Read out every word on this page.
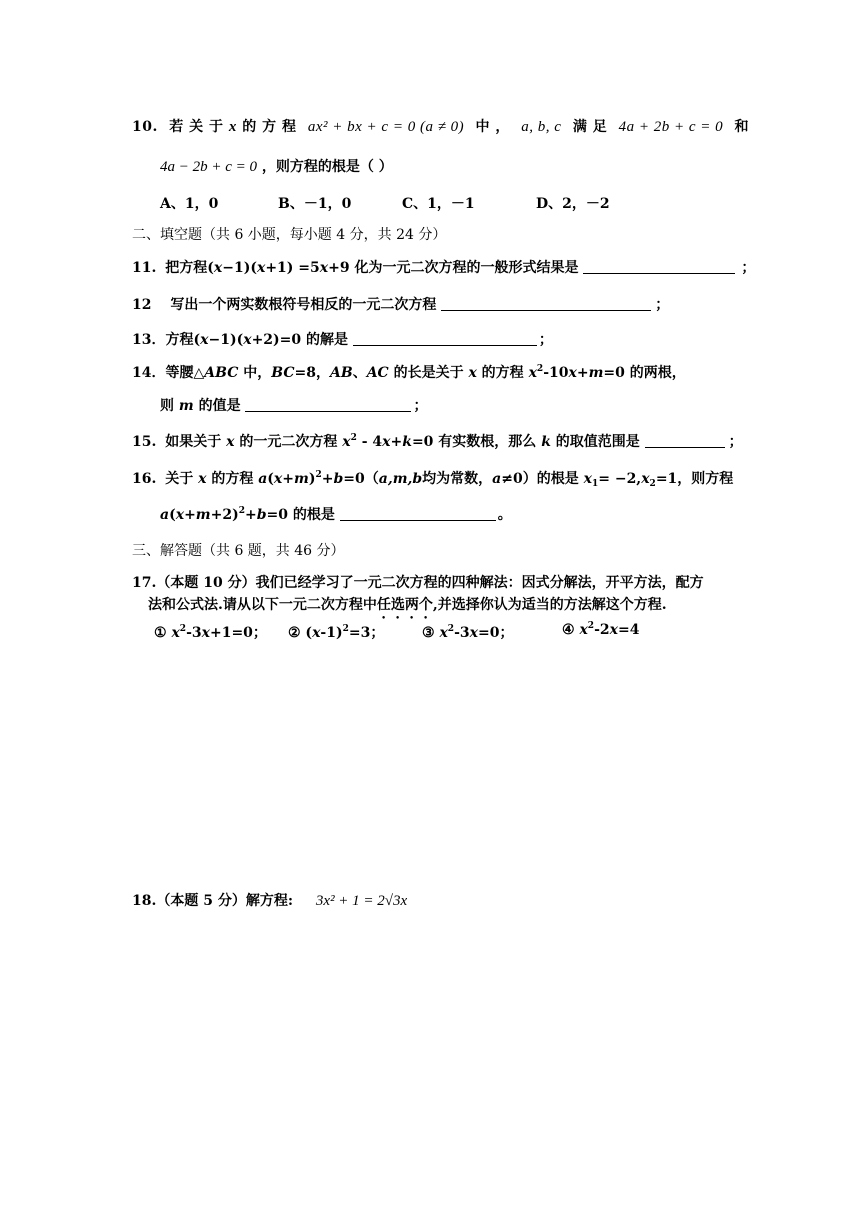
10. 若 关 于 x 的 方 程 ax² + bx + c = 0 (a ≠ 0) 中 ， a, b, c 满 足 4a + 2b + c = 0 和
4a − 2b + c = 0 ，则方程的根是（ ）
A、1，0	B、－1，0	C、1，－1	D、2，－2
二、填空题（共 6 小题，每小题 4 分，共 24 分）
11. 把方程(x−1)(x+1) =5x+9 化为一元二次方程的一般形式结果是	；
12 写出一个两实数根符号相反的一元二次方程	；
13．方程(x−1)(x+2)=0 的解是	；
14．等腰△ABC 中，BC=8，AB、AC 的长是关于 x 的方程 $x^2-10x+m=0$ 的两根，
则 m 的值是	；
15. 如果关于 x 的一元二次方程 $x^2 - 4x+k=0$ 有实数根，那么 k 的取值范围是	；
16. 关于 x 的方程 $a(x+m)^2+b=0(a,m,b$均为常数，a≠0）的根是 $x_1= -2,x_2=1$，则方程
$a(x+m+2)^2+b=0$ 的根是	。
三、解答题（共 6 题，共 46 分）
17.（本题 10 分）我们已经学习了一元二次方程的四种解法：因式分解法，开平方法，配方
法和公式法.请从以下一元二次方程中任选两个,并选择你认为适当的方法解这个方程.
① $x^2-3x+1=0$； ② $(x-1)^2=3$；	③ $x^2-3x=0$；	④ $x^2-2x=4$
18.（本题 5 分）解方程: 3x² + 1 = 2√3x
